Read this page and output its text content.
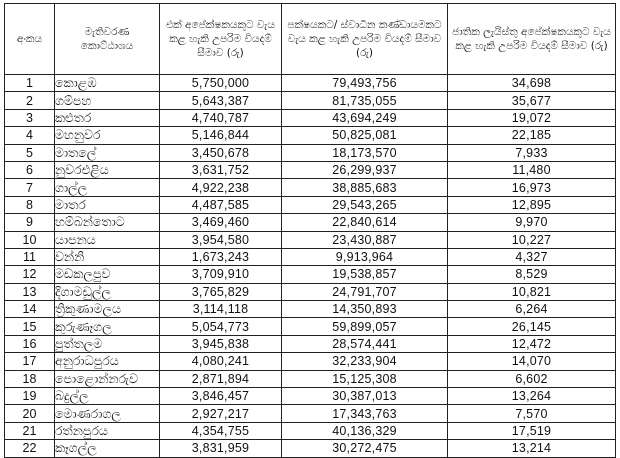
අංකය	මැතිවරණ කොට්ඨාශය	එක් අපේක්ෂකයකුට වැය කළ හැකි උපරිම වියදම් සීමාව (රු)	පක්ෂයකට/ ස්වාධීන කණ්ඩායමකට වැය කළ හැකි උපරිම වියදම් සීමාව (රු)	ජාතික ලැයිස්තු අපේක්ෂකයකුට වැය කළ හැකි උපරිම වියදම් සීමාව (රු)

1	කොළඹ	5,750,000	79,493,756	34,698
2	ගම්පහ	5,643,387	81,735,055	35,677
3	කළුතර	4,740,787	43,694,249	19,072
4	මහනුවර	5,146,844	50,825,081	22,185
5	මාතලේ	3,450,678	18,173,570	7,933
6	නුවරඑළිය	3,631,752	26,299,937	11,480
7	ගාල්ල	4,922,238	38,885,683	16,973
8	මාතර	4,487,585	29,543,265	12,895
9	හම්බන්තොට	3,469,460	22,840,614	9,970
10	යාපනය	3,954,580	23,430,887	10,227
11	වන්නි	1,673,243	9,913,964	4,327
12	මඩකලපුව	3,709,910	19,538,857	8,529
13	දිගාමඩුල්ල	3,765,829	24,791,707	10,821
14	ත්‍රිකුණාමලය	3,114,118	14,350,893	6,264
15	කුරුණෑගල	5,054,773	59,899,057	26,145
16	පුත්තලම	3,945,838	28,574,441	12,472
17	අනුරාධපුරය	4,080,241	32,233,904	14,070
18	පොළොන්නරුව	2,871,894	15,125,308	6,602
19	බදුල්ල	3,846,457	30,387,013	13,264
20	මොණරාගල	2,927,217	17,343,763	7,570
21	රත්නපුරය	4,354,755	40,136,329	17,519
22	කෑගල්ල	3,831,959	30,272,475	13,214
